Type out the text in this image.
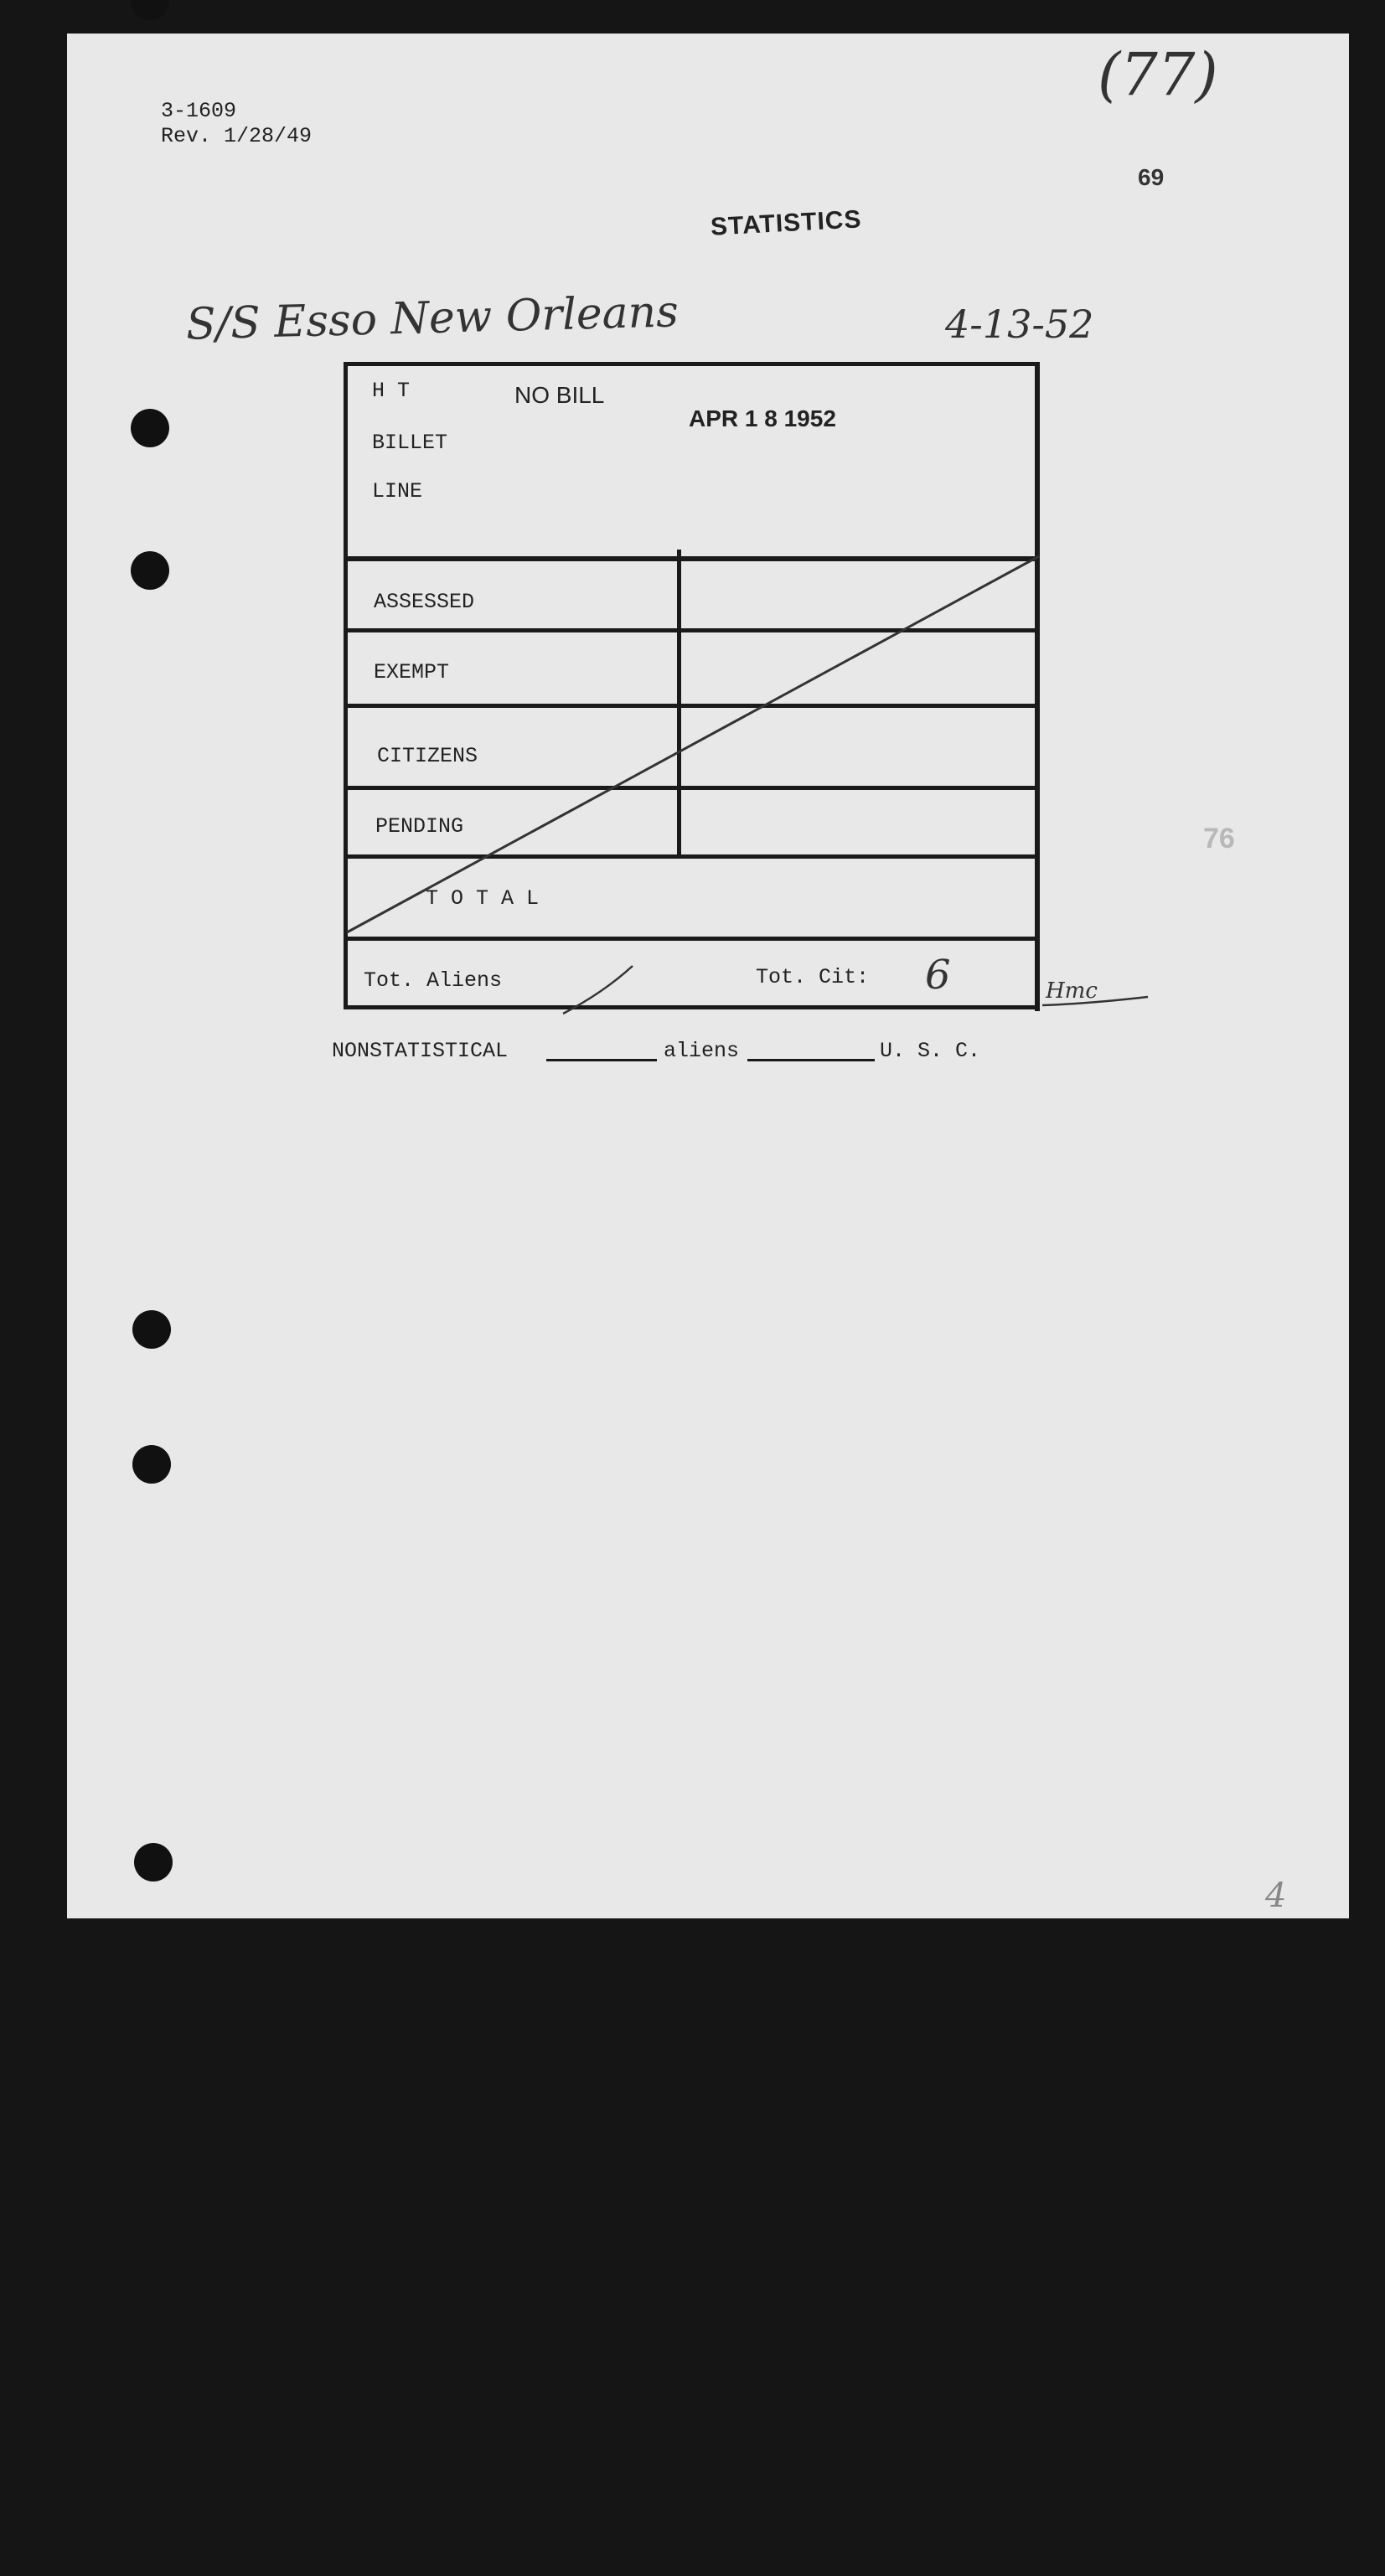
3-1609
Rev. 1/28/49
(77)
69
STATISTICS
S/S Esso New Orleans	4-13-52
H T
BILLET
LINE
NO BILL
APR 1 8 1952
ASSESSED
EXEMPT
CITIZENS
PENDING
T O T A L
Tot. Aliens	Tot. Cit: 6	Hmc
NONSTATISTICAL	aliens	U. S. C.
76
4
